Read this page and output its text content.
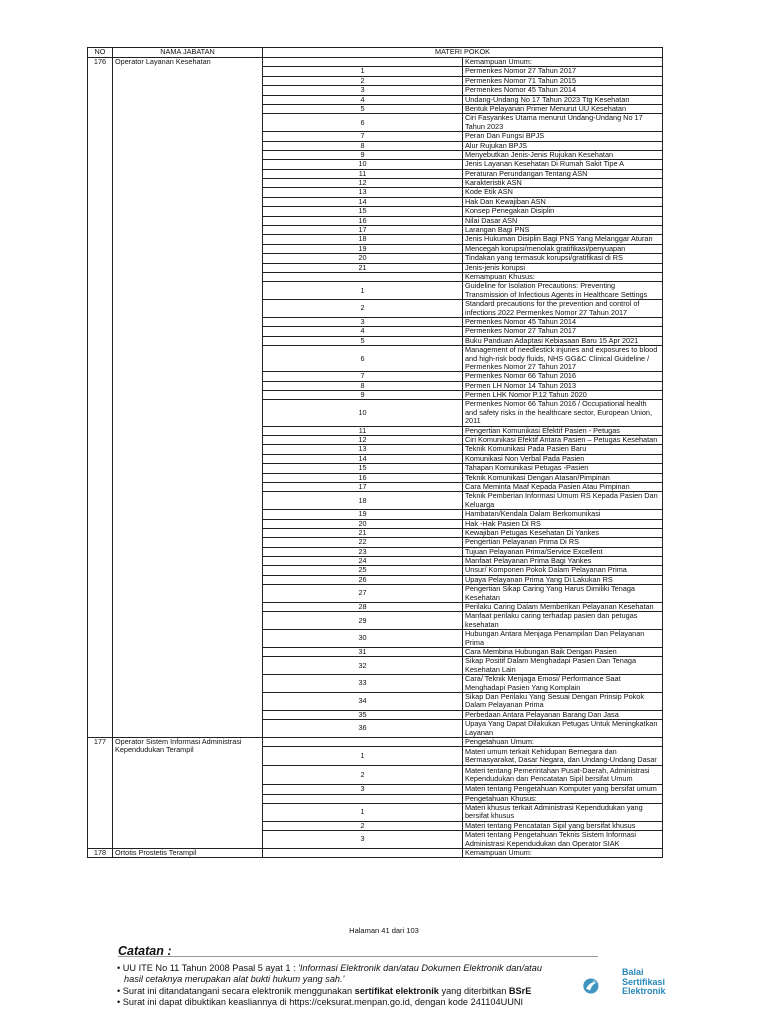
NO	NAMA JABATAN	MATERI POKOK	
176	Operator Layanan Kesehatan		Kemampuan Umum:
		1	Permenkes Nomor 27 Tahun 2017
		2	Permenkes Nomor 71 Tahun 2015
		3	Permenkes Nomor 45 Tahun 2014
		4	Undang-Undang No 17 Tahun 2023 Ttg Kesehatan
		5	Bentuk Pelayanan Primer Menurut UU Kesehatan
		6	Ciri Fasyankes Utama menurut Undang-Undang No 17 Tahun 2023
		7	Peran Dan Fungsi BPJS
		8	Alur Rujukan BPJS
		9	Menyebutkan Jenis-Jenis Rujukan Kesehatan
		10	Jenis Layanan Kesehatan Di Rumah Sakit Tipe A
		11	Peraturan Perundangan Tentang ASN
		12	Karakteristik ASN
		13	Kode Etik ASN
		14	Hak Dan Kewajiban ASN
		15	Konsep Penegakan Disiplin
		16	Nilai Dasar ASN
		17	Larangan Bagi PNS
		18	Jenis Hukuman Disiplin Bagi PNS Yang Melanggar Aturan
		19	Mencegah korupsi/menolak gratifikasi/penyuapan
		20	Tindakan yang termasuk korupsi/gratifikasi di RS
		21	Jenis-jenis korupsi
			Kemampuan Khusus:
		1	Guideline for Isolation Precautions: Preventing Transmission of Infectious Agents in Healthcare Settings
		2	Standard precautions for the prevention and control of infections 2022 Permenkes Nomor 27 Tahun 2017
		3	Permenkes Nomor 45 Tahun 2014
		4	Permenkes Nomor 27 Tahun 2017
		5	Buku Panduan Adaptasi Kebiasaan Baru 15 Apr 2021
		6	Management of needlestick injuries and exposures to blood and high-risk body fluids, NHS GG&C Clinical Guideline / Permenkes Nomor 27 Tahun 2017
		7	Permenkes Nomor 66 Tahun 2016
		8	Permen LH Nomor 14 Tahun 2013
		9	Permen LHK Nomor P.12 Tahun 2020
		10	Permenkes Nomor 66 Tahun 2016 / Occupational health and safety risks in the healthcare sector, European Union, 2011
		11	Pengertian Komunikasi Efektif Pasien - Petugas
		12	Ciri Komunikasi Efektif Antara Pasien – Petugas Kesehatan
		13	Teknik Komunikasi Pada Pasien Baru
		14	Komunikasi Non Verbal Pada Pasien
		15	Tahapan Komunikasi Petugas -Pasien
		16	Teknik Komunikasi Dengan Atasan/Pimpinan
		17	Cara Meminta Maaf Kepada Pasien Atau Pimpinan
		18	Teknik Pemberian Informasi Umum RS Kepada Pasien Dan Keluarga
		19	Hambatan/Kendala Dalam Berkomunikasi
		20	Hak -Hak Pasien Di RS
		21	Kewajiban Petugas Kesehatan Di Yankes
		22	Pengertian Pelayanan Prima Di RS
		23	Tujuan Pelayanan Prima/Service Excellent
		24	Manfaat Pelayanan Prima Bagi Yankes
		25	Unsur/ Komponen Pokok Dalam Pelayanan Prima
		26	Upaya Pelayanan Prima Yang Di Lakukan RS
		27	Pengertian Sikap Caring Yang Harus Dimiliki Tenaga Kesehatan
		28	Perilaku Caring Dalam Memberikan Pelayanan Kesehatan
		29	Manfaat perilaku caring terhadap pasien dan petugas kesehatan
		30	Hubungan Antara Menjaga Penampilan Dan Pelayanan Prima
		31	Cara Membina Hubungan Baik Dengan Pasien
		32	Sikap Positif Dalam Menghadapi Pasien Dan Tenaga Kesehatan Lain
		33	Cara/ Teknik Menjaga Emosi/ Performance Saat Menghadapi Pasien Yang Komplain
		34	Sikap Dan Perilaku Yang Sesuai Dengan Prinsip Pokok Dalam Pelayanan Prima
		35	Perbedaan Antara Pelayanan Barang Dan Jasa
		36	Upaya Yang Dapat Dilakukan Petugas Untuk Meningkatkan Layanan
177	Operator Sistem Informasi Administrasi Kependudukan Terampil		Pengetahuan Umum:
		1	Materi umum terkait Kehidupan Bernegara dan Bermasyarakat, Dasar Negara, dan Undang-Undang Dasar
		2	Materi tentang Pemerintahan Pusat-Daerah, Administrasi Kependudukan dan Pencatatan Sipil bersifat Umum
		3	Materi tentang Pengetahuan Komputer yang bersifat umum
			Pengetahuan Khusus:
		1	Materi khusus terkait Administrasi Kependudukan yang bersifat khusus
		2	Materi tentang Pencatatan Sipil yang bersifat khusus
		3	Materi tentang Pengetahuan Teknis Sistem Informasi Administrasi Kependudukan dan Operator SIAK
178	Ortotis Prostetis Terampil		Kemampuan Umum:
Halaman 41 dari 103
Catatan :
• UU ITE No 11 Tahun 2008 Pasal 5 ayat 1 : 'Informasi Elektronik dan/atau Dokumen Elektronik dan/atau
hasil cetaknya merupakan alat bukti hukum yang sah.'
• Surat ini ditandatangani secara elektronik menggunakan sertifikat elektronik yang diterbitkan BSrE
• Surat ini dapat dibuktikan keasliannya di https://ceksurat.menpan.go.id, dengan kode 241104UUNI
Balai
Sertifikasi
Elektronik
